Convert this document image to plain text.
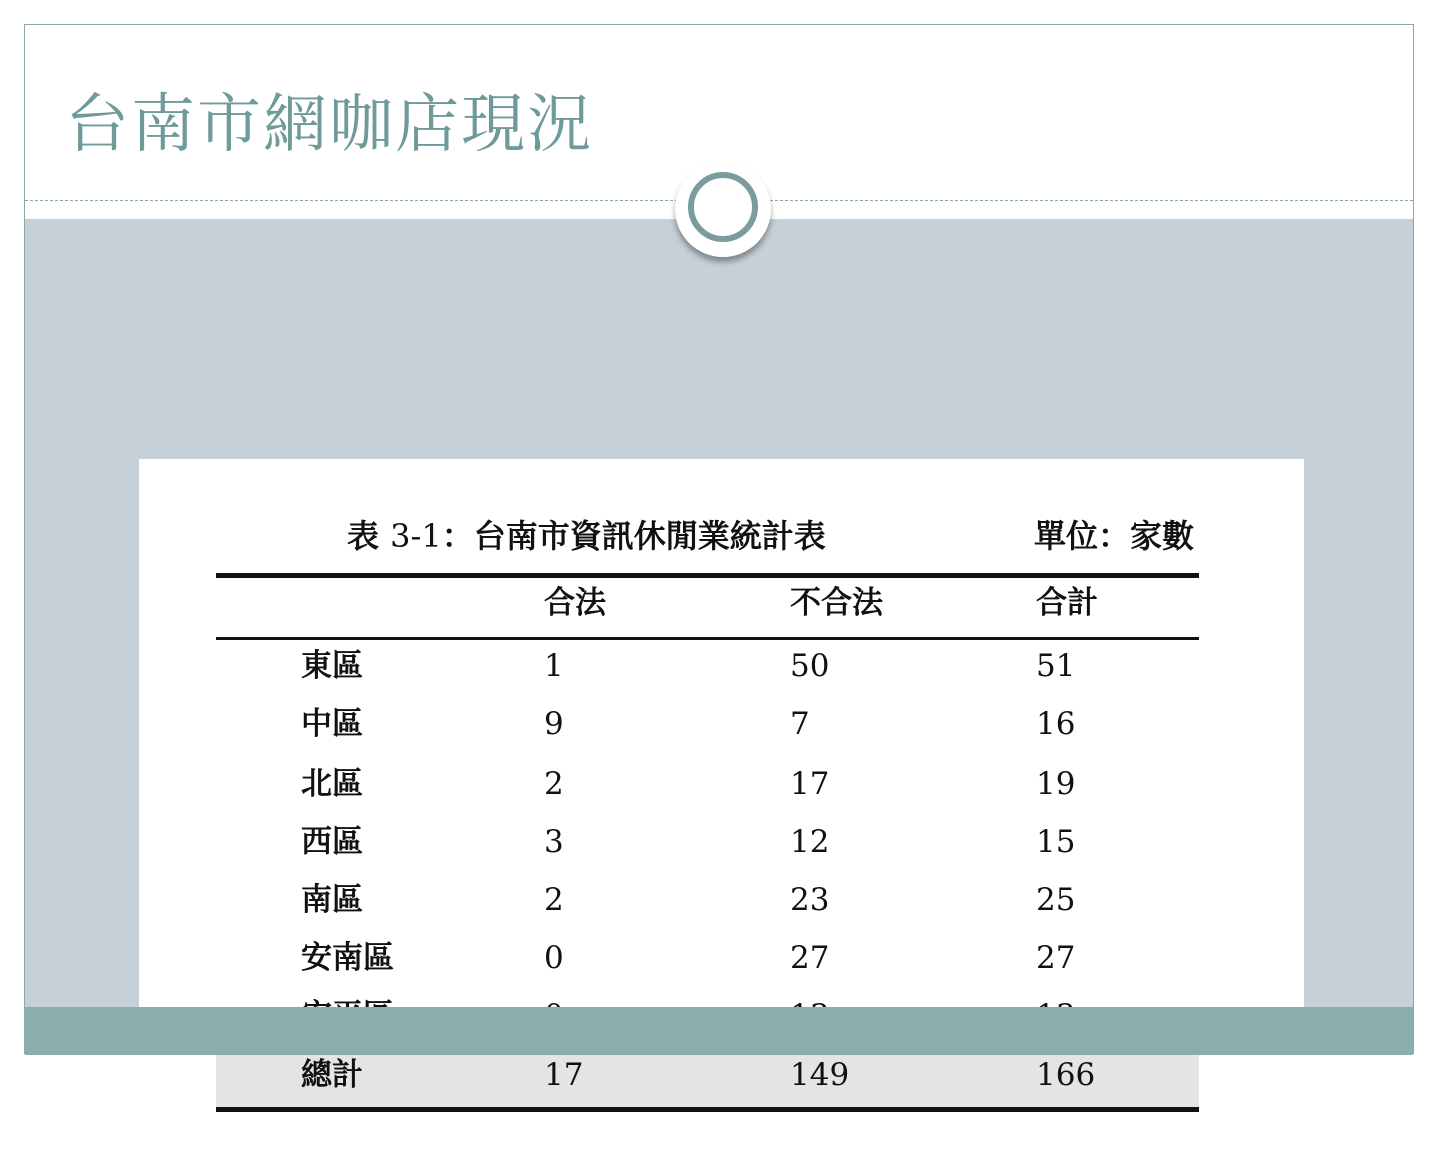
台南市網咖店現況
表 3-1：台南市資訊休閒業統計表	單位：家數
合法	不合法	合計
東區	1	50	51
中區	9	7	16
北區	2	17	19
西區	3	12	15
南區	2	23	25
安南區	0	27	27
總計	17	149	166
